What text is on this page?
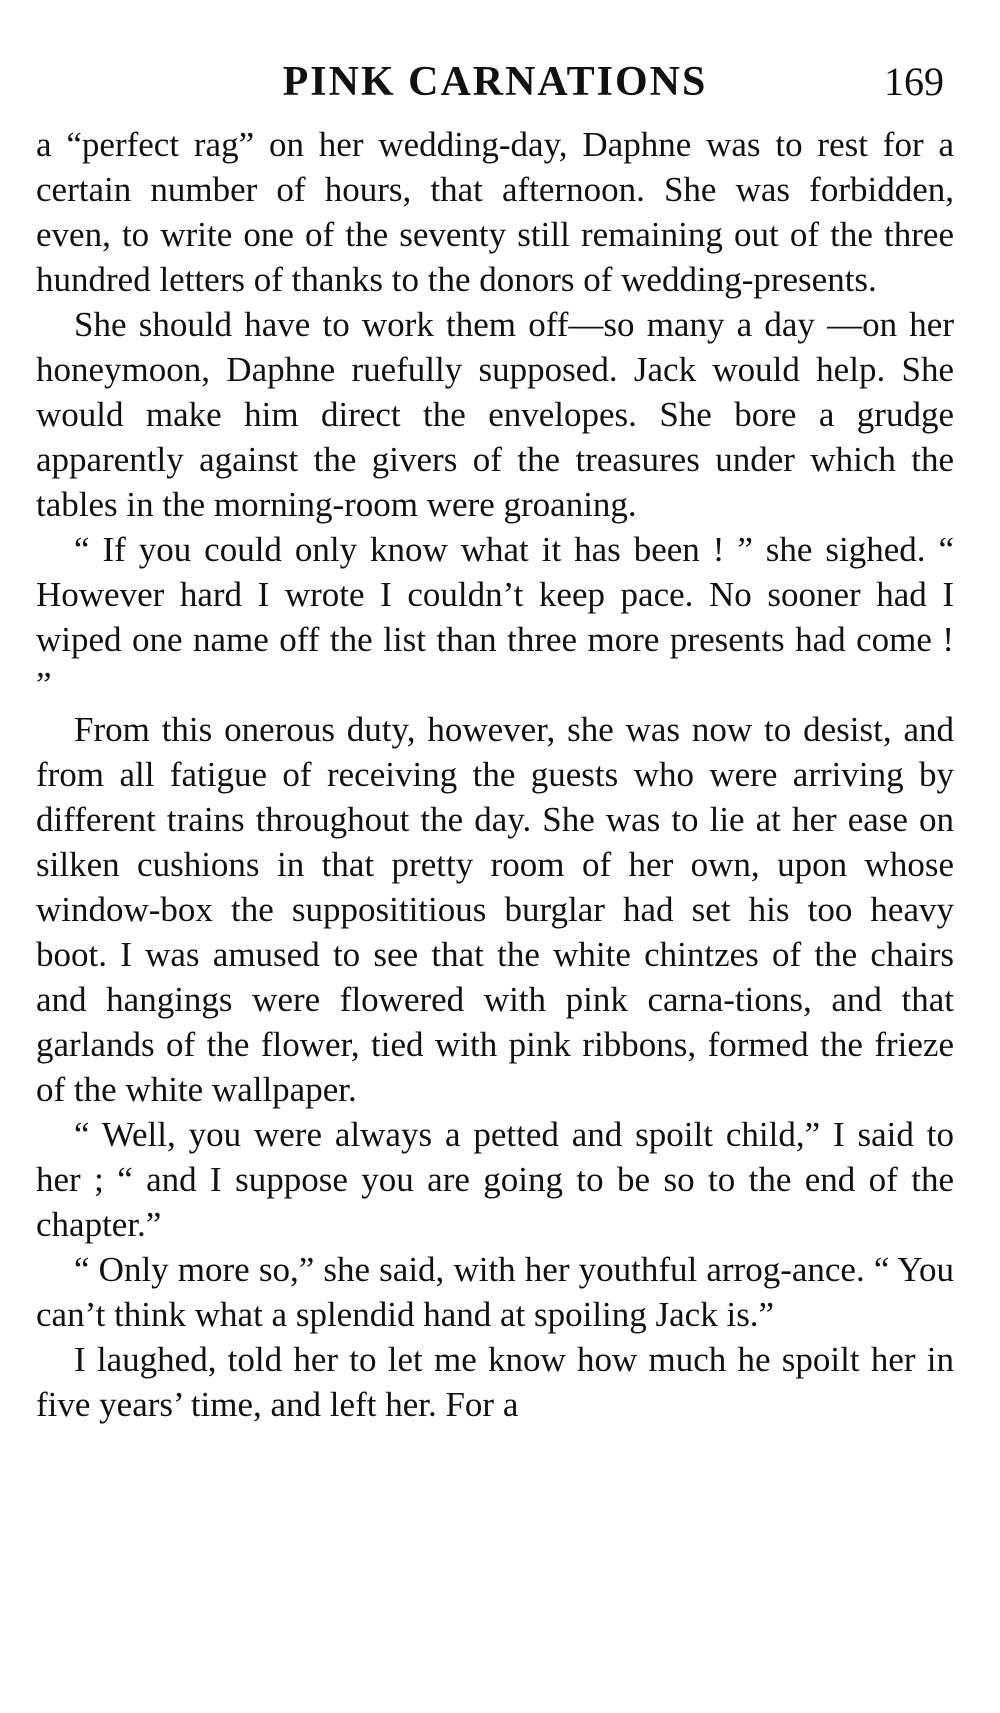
PINK CARNATIONS	169

a “perfect rag” on her wedding-day, Daphne was to rest for a certain number of hours, that afternoon. She was forbidden, even, to write one of the seventy still remaining out of the three hundred letters of thanks to the donors of wedding-presents.

She should have to work them off—so many a day —on her honeymoon, Daphne ruefully supposed. Jack would help. She would make him direct the envelopes. She bore a grudge apparently against the givers of the treasures under which the tables in the morning-room were groaning.

“ If you could only know what it has been ! ” she sighed. “ However hard I wrote I couldn’t keep pace. No sooner had I wiped one name off the list than three more presents had come ! ”

From this onerous duty, however, she was now to desist, and from all fatigue of receiving the guests who were arriving by different trains throughout the day. She was to lie at her ease on silken cushions in that pretty room of her own, upon whose window-box the supposititious burglar had set his too heavy boot. I was amused to see that the white chintzes of the chairs and hangings were flowered with pink carna-tions, and that garlands of the flower, tied with pink ribbons, formed the frieze of the white wallpaper.

“ Well, you were always a petted and spoilt child,” I said to her ; “ and I suppose you are going to be so to the end of the chapter.”

“ Only more so,” she said, with her youthful arrog-ance. “ You can’t think what a splendid hand at spoiling Jack is.”

I laughed, told her to let me know how much he spoilt her in five years’ time, and left her. For a
